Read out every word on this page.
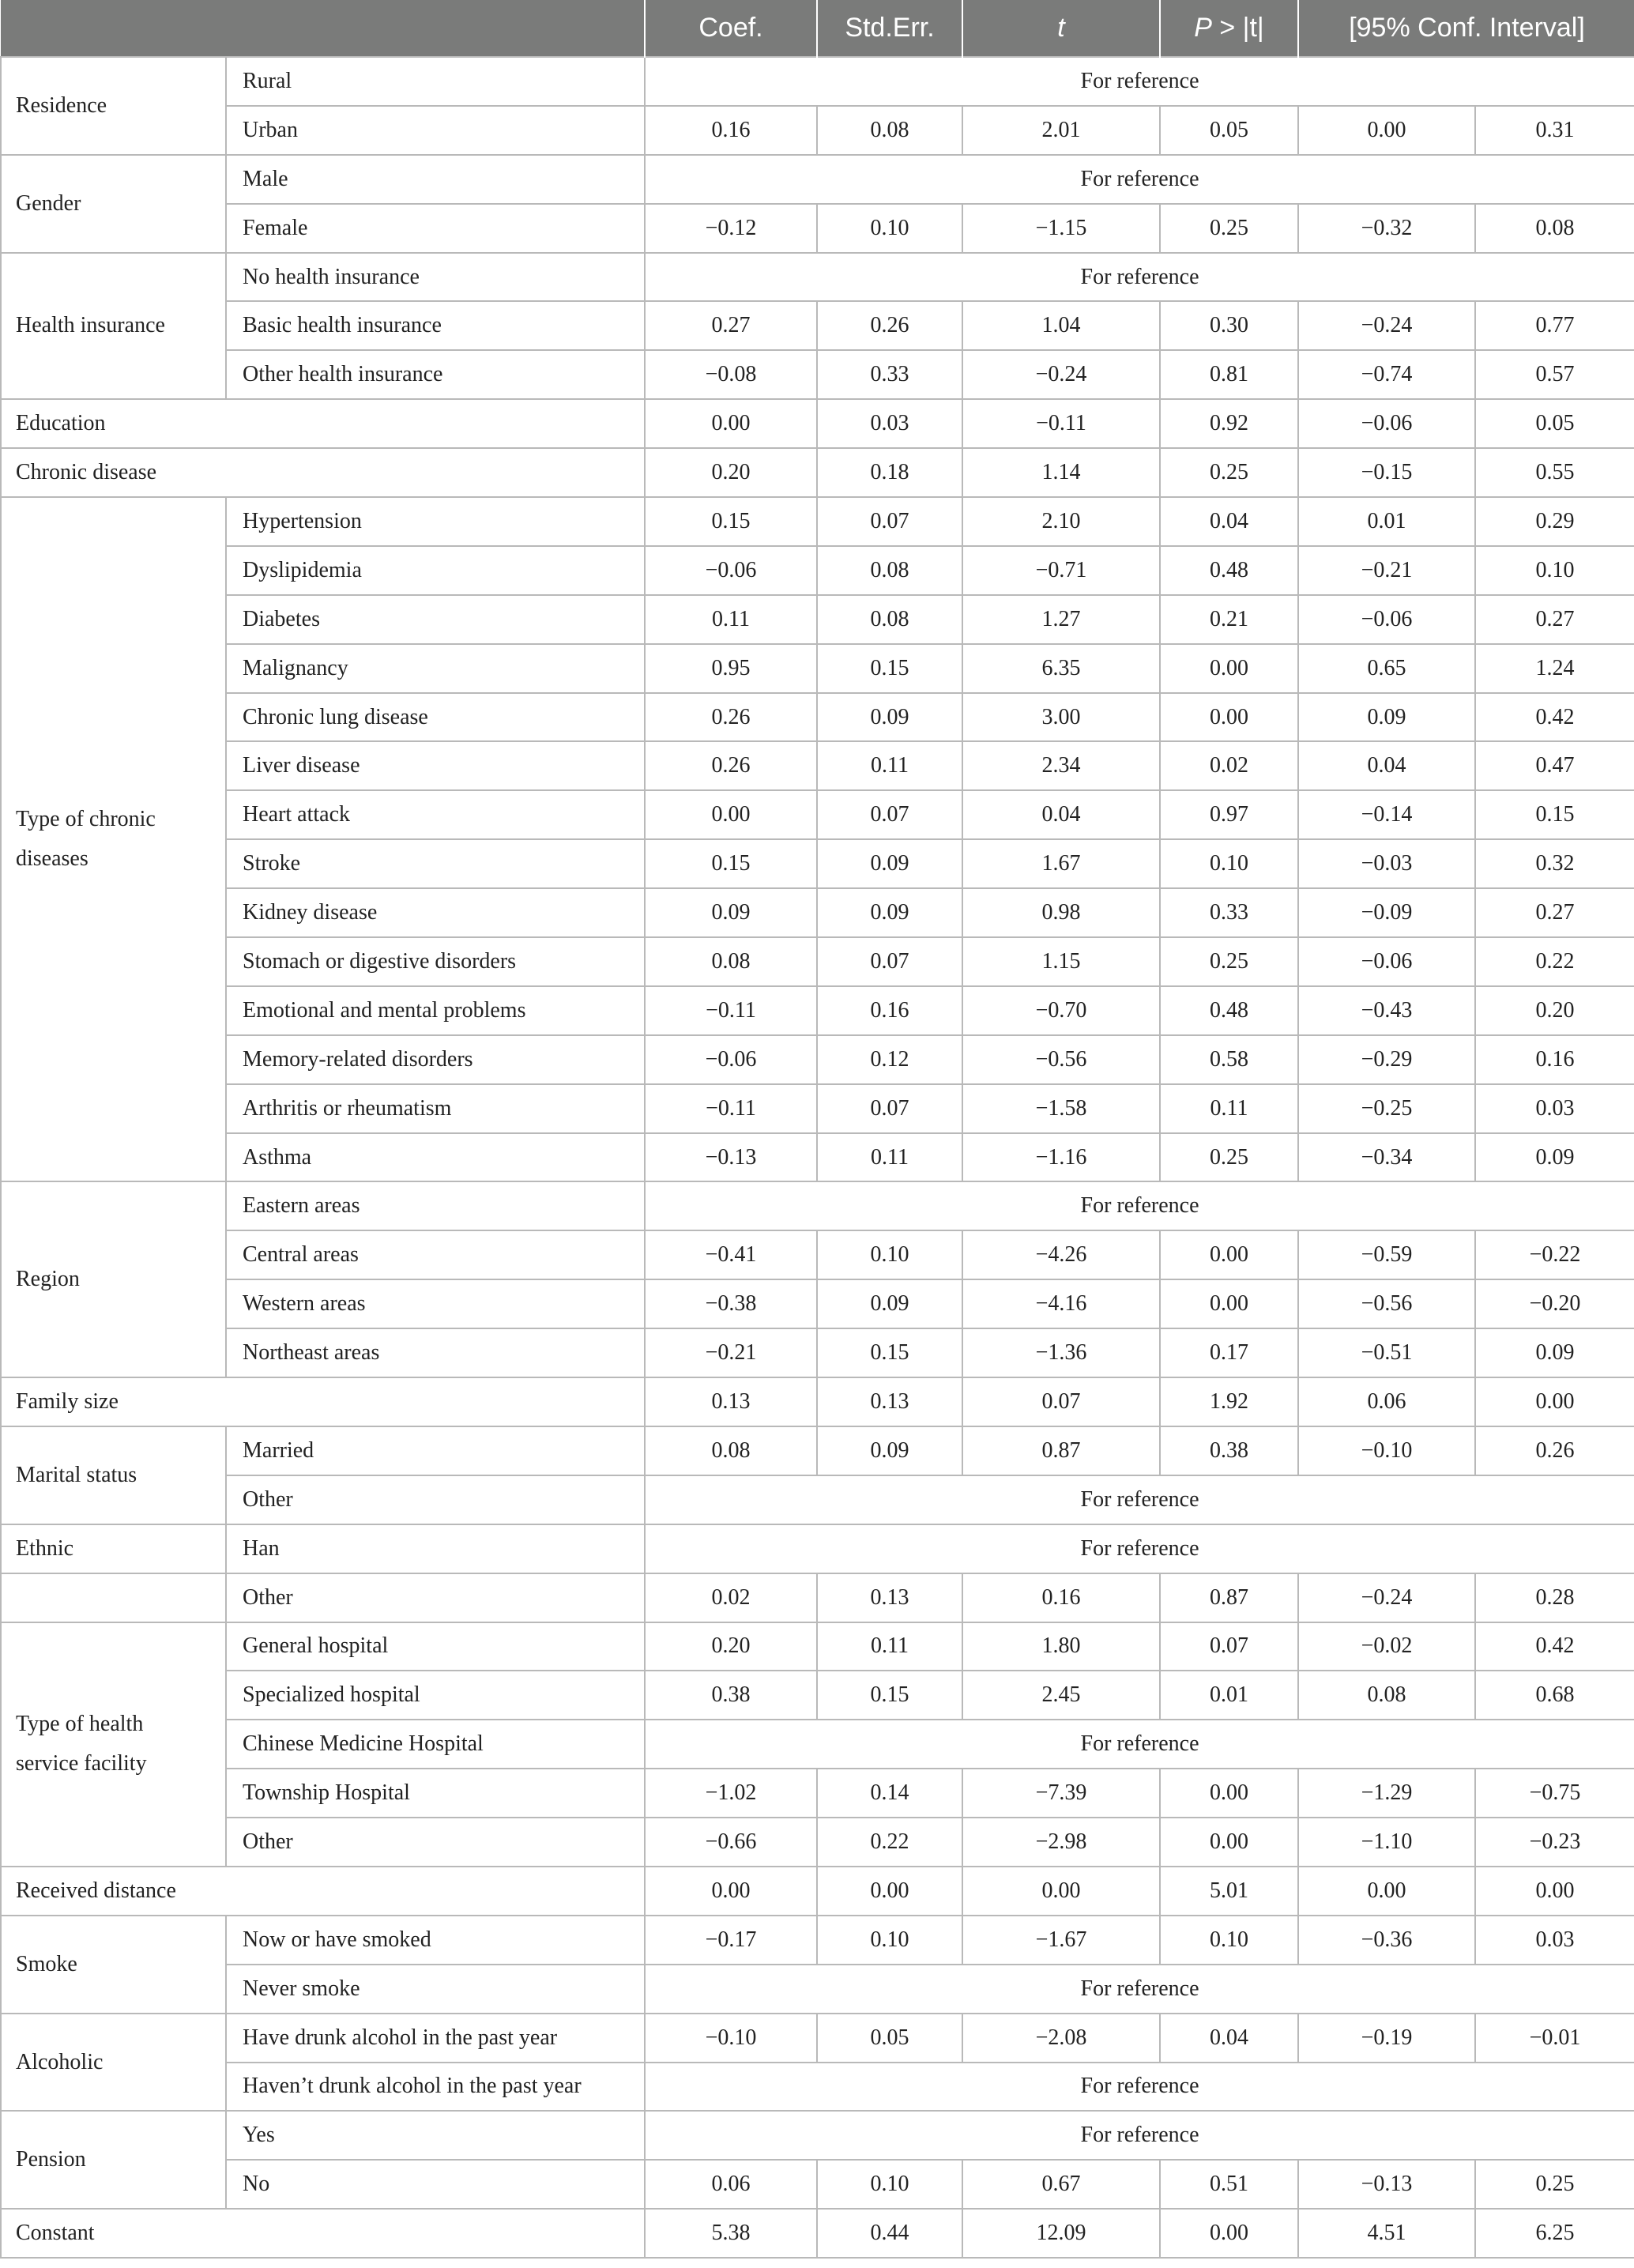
		Coef.	Std.Err.	t	P > |t|	[95% Conf. Interval]	
Residence	Rural	For reference					
	Urban	0.16	0.08	2.01	0.05	0.00	0.31
Gender	Male	For reference					
	Female	−0.12	0.10	−1.15	0.25	−0.32	0.08
Health insurance	No health insurance	For reference					
	Basic health insurance	0.27	0.26	1.04	0.30	−0.24	0.77
	Other health insurance	−0.08	0.33	−0.24	0.81	−0.74	0.57
Education		0.00	0.03	−0.11	0.92	−0.06	0.05
Chronic disease		0.20	0.18	1.14	0.25	−0.15	0.55
Type of chronic diseases	Hypertension	0.15	0.07	2.10	0.04	0.01	0.29
	Dyslipidemia	−0.06	0.08	−0.71	0.48	−0.21	0.10
	Diabetes	0.11	0.08	1.27	0.21	−0.06	0.27
	Malignancy	0.95	0.15	6.35	0.00	0.65	1.24
	Chronic lung disease	0.26	0.09	3.00	0.00	0.09	0.42
	Liver disease	0.26	0.11	2.34	0.02	0.04	0.47
	Heart attack	0.00	0.07	0.04	0.97	−0.14	0.15
	Stroke	0.15	0.09	1.67	0.10	−0.03	0.32
	Kidney disease	0.09	0.09	0.98	0.33	−0.09	0.27
	Stomach or digestive disorders	0.08	0.07	1.15	0.25	−0.06	0.22
	Emotional and mental problems	−0.11	0.16	−0.70	0.48	−0.43	0.20
	Memory-related disorders	−0.06	0.12	−0.56	0.58	−0.29	0.16
	Arthritis or rheumatism	−0.11	0.07	−1.58	0.11	−0.25	0.03
	Asthma	−0.13	0.11	−1.16	0.25	−0.34	0.09
Region	Eastern areas	For reference					
	Central areas	−0.41	0.10	−4.26	0.00	−0.59	−0.22
	Western areas	−0.38	0.09	−4.16	0.00	−0.56	−0.20
	Northeast areas	−0.21	0.15	−1.36	0.17	−0.51	0.09
Family size		0.13	0.13	0.07	1.92	0.06	0.00
Marital status	Married	0.08	0.09	0.87	0.38	−0.10	0.26
	Other	For reference					
Ethnic	Han	For reference					
	Other	0.02	0.13	0.16	0.87	−0.24	0.28
Type of health service facility	General hospital	0.20	0.11	1.80	0.07	−0.02	0.42
	Specialized hospital	0.38	0.15	2.45	0.01	0.08	0.68
	Chinese Medicine Hospital	For reference					
	Township Hospital	−1.02	0.14	−7.39	0.00	−1.29	−0.75
	Other	−0.66	0.22	−2.98	0.00	−1.10	−0.23
Received distance		0.00	0.00	0.00	5.01	0.00	0.00
Smoke	Now or have smoked	−0.17	0.10	−1.67	0.10	−0.36	0.03
	Never smoke	For reference					
Alcoholic	Have drunk alcohol in the past year	−0.10	0.05	−2.08	0.04	−0.19	−0.01
	Haven’t drunk alcohol in the past year	For reference					
Pension	Yes	For reference					
	No	0.06	0.10	0.67	0.51	−0.13	0.25
Constant		5.38	0.44	12.09	0.00	4.51	6.25
